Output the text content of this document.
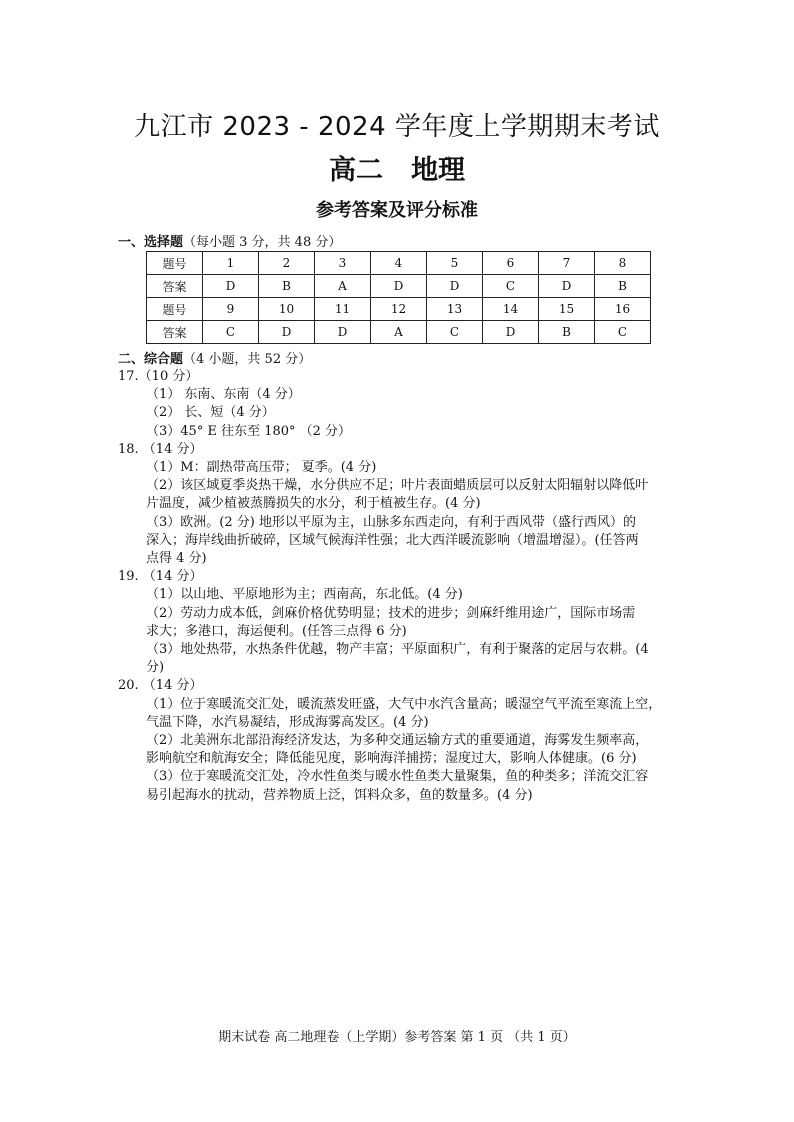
九江市 2023 - 2024 学年度上学期期末考试
高二 地理
参考答案及评分标准
一、选择题（每小题 3 分，共 48 分）
题号	1	2	3	4	5	6	7	8
答案	D	B	A	D	D	C	D	B
题号	9	10	11	12	13	14	15	16
答案	C	D	D	A	C	D	B	C
二、综合题（4 小题，共 52 分）

17.（10 分）

（1） 东南、东南（4 分）

（2） 长、短（4 分）

（3）45° E 往东至 180° （2 分）

18. （14 分）

（1）M：副热带高压带； 夏季。(4 分)

（2）该区域夏季炎热干燥，水分供应不足；叶片表面蜡质层可以反射太阳辐射以降低叶

片温度，减少植被蒸腾损失的水分，利于植被生存。(4 分)

（3）欧洲。(2 分) 地形以平原为主，山脉多东西走向，有利于西风带（盛行西风）的

深入；海岸线曲折破碎，区域气候海洋性强；北大西洋暖流影响（增温增湿）。(任答两

点得 4 分)

19. （14 分）

（1）以山地、平原地形为主；西南高，东北低。(4 分)

（2）劳动力成本低，剑麻价格优势明显；技术的进步；剑麻纤维用途广，国际市场需

求大；多港口，海运便利。(任答三点得 6 分)

（3）地处热带，水热条件优越，物产丰富；平原面积广，有利于聚落的定居与农耕。(4

分)

20. （14 分）

（1）位于寒暖流交汇处，暖流蒸发旺盛，大气中水汽含量高；暖湿空气平流至寒流上空，

气温下降，水汽易凝结，形成海雾高发区。(4 分)

（2）北美洲东北部沿海经济发达，为多种交通运输方式的重要通道，海雾发生频率高，

影响航空和航海安全；降低能见度，影响海洋捕捞；湿度过大，影响人体健康。(6 分)

（3）位于寒暖流交汇处，冷水性鱼类与暖水性鱼类大量聚集，鱼的种类多；洋流交汇容

易引起海水的扰动，营养物质上泛，饵料众多，鱼的数量多。(4 分)

期末试卷 高二地理卷（上学期）参考答案 第 1 页 （共 1 页）
